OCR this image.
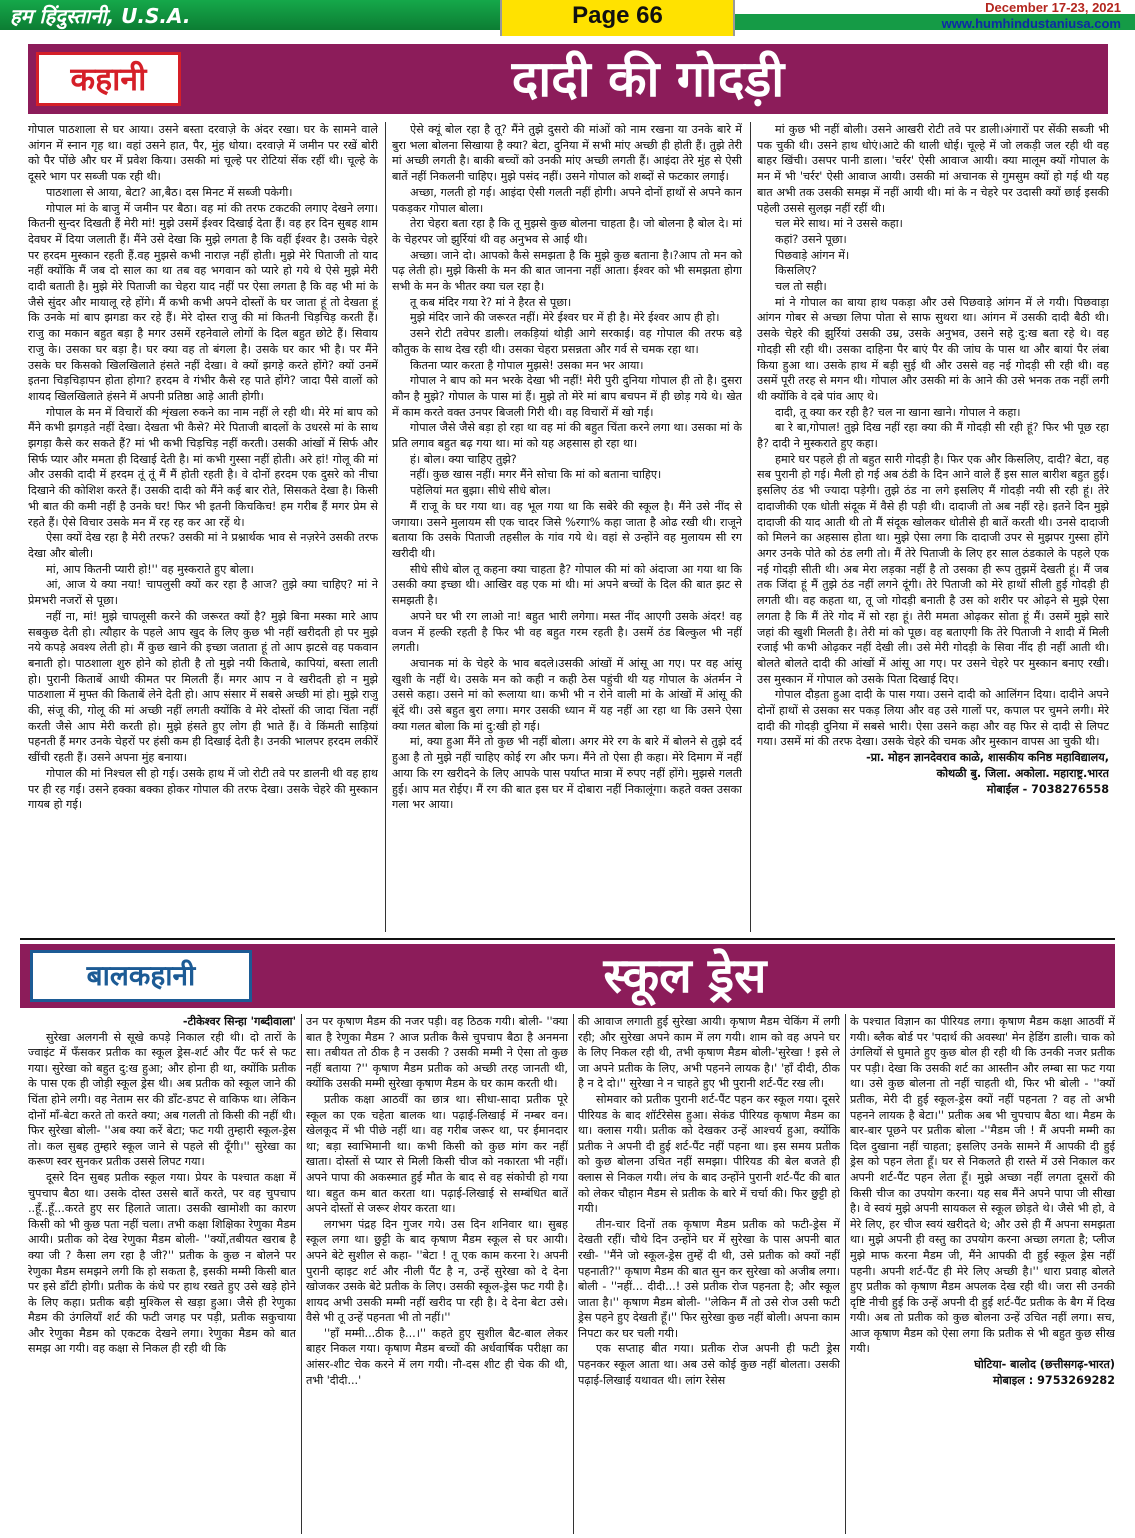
हम हिंदुस्तानी, U.S.A.	Page 66	December 17-23, 2021
www.humhindustaniusa.com
कहानी	दादी की गोदड़ी

गोपाल पाठशाला से घर आया। उसने बस्ता दरवाज़े के अंदर रखा। घर के सामने वाले आंगन में स्नान गृह था। वहां उसने हात, पैर, मुंह धोया। दरवाज़े में जमीन पर रखें बोरी को पैर पोंछे और घर में प्रवेश किया। उसकी मां चूल्हे पर रोटियां सेंक रहीं थी। चूल्हे के दूसरे भाग पर सब्जी पक रही थी।

पाठशाला से आया, बेटा? आ,बैठ। दस मिनट में सब्जी पकेगी।

गोपाल मां के बाजु में जमीन पर बैठा। वह मां की तरफ टकटकी लगाए देखने लगा। कितनी सुन्दर दिखती हैं मेरी मां! मुझे उसमें ईश्वर दिखाई देता हैं। वह हर दिन सुबह शाम देवघर में दिया जलाती हैं। मैंने उसे देखा कि मुझे लगता है कि वहीं ईश्वर है। उसके चेहरे पर हरदम मुस्कान रहती हैं.वह मुझसे कभी नाराज़ नहीं होती। मुझे मेरे पिताजी तो याद नहीं क्योंकि मैं जब दो साल का था तब वह भगवान को प्यारे हो गये थे ऐसे मुझे मेरी दादी बताती है। मुझे मेरे पिताजी का चेहरा याद नहीं पर ऐसा लगता है कि वह भी मां के जैसे सुंदर और मायालू रहे होंगे। मैं कभी कभी अपने दोस्तों के घर जाता हूं तो देखता हूं कि उनके मां बाप झगडा कर रहे हैं। मेरे दोस्त राजु की मां कितनी चिड़चिड़ करती हैं। राजु का मकान बहुत बड़ा है मगर उसमें रहनेवाले लोगों के दिल बहुत छोटे हैं। सिवाय राजु के। उसका घर बड़ा है। घर क्या वह तो बंगला है। उसके घर कार भी है। पर मैंने उसके घर किसको खिलखिलाते हंसते नहीं देखा। वे क्यों झगड़े करते होंगे? क्यों उनमें इतना चिड़चिड़ापन होता होगा? हरदम वे गंभीर कैसे रह पाते होंगे? जादा पैसे वालों को शायद खिलखिलाते हंसने में अपनी प्रतिष्ठा आड़े आती होगी।

गोपाल के मन में विचारों की शृंखला रुकने का नाम नहीं ले रही थी। मेरे मां बाप को मैंने कभी झगड़ते नहीं देखा। देखता भी कैसे? मेरे पिताजी बादलों के उधरसे मां के साथ झगड़ा कैसे कर सकते हैं? मां भी कभी चिड़चिड़ नहीं करती। उसकी आंखों में सिर्फ और सिर्फ प्यार और ममता ही दिखाई देती है। मां कभी गुस्सा नहीं होती। अरे हां! गोलू की मां और उसकी दादी में हरदम तूं तूं मैं मैं होती रहती है। वे दोनों हरदम एक दुसरे को नीचा दिखाने की कोशिश करते हैं। उसकी दादी को मैंने कई बार रोते, सिसकते देखा है। किसी भी बात की कमी नहीं है उनके घर! फिर भी इतनी किचकिच! हम गरीब हैं मगर प्रेम से रहते हैं। ऐसे विचार उसके मन में रह रह कर आ रहें थे।

ऐसा क्यों देख रहा है मेरी तरफ? उसकी मां ने प्रश्नार्थक भाव से नज़रेने उसकी तरफ देखा और बोली।

मां, आप कितनी प्यारी हो!'' वह मुस्कराते हुए बोला।

आं, आज ये क्या नया! चापलुसी क्यों कर रहा है आज? तुझे क्या चाहिए? मां ने प्रेमभरी नजरों से पूछा।

नहीं ना, मां! मुझे चापलूसी करने की जरूरत क्यों है? मुझे बिना मस्का मारे आप सबकुछ देती हो। त्यौहार के पहले आप खुद के लिए कुछ भी नहीं खरीदती हो पर मुझे नये कपड़े अवश्य लेती हो। मैं कुछ खाने की इच्छा जताता हूं तो आप झटसे वह पकवान बनाती हो। पाठशाला शुरु होने को होती है तो मुझे नयी किताबे, कापियां, बस्ता लाती हो। पुरानी किताबें आधी कीमत पर मिलती हैं। मगर आप न वे खरीदती हो न मुझे पाठशाला में मुफ्त की किताबें लेने देती हो। आप संसार में सबसे अच्छी मां हो। मुझे राजु की, संजू की, गोलू की मां अच्छी नहीं लगती क्योंकि वे मेरे दोस्तों की जादा चिंता नहीं करती जैसे आप मेरी करती हो। मुझे हंसते हुए लोग ही भाते हैं। वे किंमती साड़ियां पहनती हैं मगर उनके चेहरों पर हंसी कम ही दिखाई देती है। उनकी भालपर हरदम लकीरें खींची रहती हैं। उसने अपना मुंह बनाया।

गोपाल की मां निश्चल सी हो गई। उसके हाथ में जो रोटी तवे पर डालनी थी वह हाथ पर ही रह गई। उसने हक्का बक्का होकर गोपाल की तरफ देखा। उसके चेहरे की मुस्कान गायब हो गई।

ऐसे क्यूं बोल रहा है तू? मैंने तुझे दुसरो की मांओं को नाम रखना या उनके बारे में बुरा भला बोलना सिखाया है क्या? बेटा, दुनिया में सभी मांए अच्छी ही होती हैं। तुझे तेरी मां अच्छी लगती है। बाकी बच्चों को उनकी मांए अच्छी लगती हैं। आइंदा तेरे मुंह से ऐसी बातें नहीं निकलनी चाहिए। मुझे पसंद नहीं। उसने गोपाल को शब्दों से फटकार लगाई।

अच्छा, गलती हो गई। आइंदा ऐसी गलती नहीं होगी। अपने दोनों हाथों से अपने कान पकड़कर गोपाल बोला।

तेरा चेहरा बता रहा है कि तू मुझसे कुछ बोलना चाहता है। जो बोलना है बोल दे। मां के चेहरपर जो झुर्रियां थी वह अनुभव से आई थी।

अच्छा। जाने दो। आपको कैसे समझता है कि मुझे कुछ बताना है।?आप तो मन को पढ़ लेती हो। मुझे किसी के मन की बात जानना नहीं आता। ईश्वर को भी समझता होगा सभी के मन के भीतर क्या चल रहा है।

तू कब मंदिर गया रे? मां ने हैरत से पूछा।

मुझे मंदिर जाने की जरूरत नहीं। मेरे ईश्वर घर में ही है। मेरे ईश्वर आप ही हो।

उसने रोटी तवेपर डाली। लकड़ियां थोड़ी आगे सरकाई। वह गोपाल की तरफ बड़े कौतुक के साथ देख रही थी। उसका चेहरा प्रसन्नता और गर्व से चमक रहा था।

कितना प्यार करता है गोपाल मुझसे! उसका मन भर आया।

गोपाल ने बाप को मन भरके देखा भी नहीं! मेरी पुरी दुनिया गोपाल ही तो है। दुसरा कौन है मुझे? गोपाल के पास मां हैं। मुझे तो मेरे मां बाप बचपन में ही छोड़ गये थे। खेत में काम करते वक्त उनपर बिजली गिरी थी। वह विचारों में खो गई।

गोपाल जैसे जैसे बड़ा हो रहा था वह मां की बहुत चिंता करने लगा था। उसका मां के प्रति लगाव बहुत बढ़ गया था। मां को यह अहसास हो रहा था।

हं। बोल। क्या चाहिए तुझे?

नहीं। कुछ खास नहीं। मगर मैंने सोचा कि मां को बताना चाहिए।

पहेलियां मत बुझा। सीधे सीधे बोल।

मैं राजू के घर गया था। वह भूल गया था कि सबेरे की स्कूल है। मैंने उसे नींद से जगाया। उसने मुलायम सी एक चादर जिसे %रगा% कहा जाता है ओढ रखी थी। राजूने बताया कि उसके पिताजी तहसील के गांव गये थे। वहां से उन्होंने वह मुलायम सी रग खरीदी थी।

सीधे सीधे बोल तू कहना क्या चाहता है? गोपाल की मां को अंदाजा आ गया था कि उसकी क्या इच्छा थी। आखिर वह एक मां थी। मां अपने बच्चों के दिल की बात झट से समझती है।

अपने घर भी रग लाओ ना! बहुत भारी लगेगा। मस्त नींद आएगी उसके अंदर! वह वजन में हल्की रहती है फिर भी वह बहुत गरम रहती है। उसमें ठंड बिल्कुल भी नहीं लगती।

अचानक मां के चेहरे के भाव बदले।उसकी आंखों में आंसू आ गए। पर वह आंसू खुशी के नहीं थे। उसके मन को कही न कही ठेस पहुंची थी यह गोपाल के अंतर्मन ने उससे कहा। उसने मां को रूलाया था। कभी भी न रोने वाली मां के आंखों में आंसू की बूंदें थी। उसे बहुत बुरा लगा। मगर उसकी ध्यान में यह नहीं आ रहा था कि उसने ऐसा क्या गलत बोला कि मां दु:खी हो गई।

मां, क्या हुआ मैंने तो कुछ भी नहीं बोला। अगर मेरे रग के बारे में बोलने से तुझे दर्द हुआ है तो मुझे नहीं चाहिए कोई रग और फग। मैंने तो ऐसा ही कहा। मेरे दिमाग में नहीं आया कि रग खरीदने के लिए आपके पास पर्याप्त मात्रा में रुपए नहीं होंगे। मुझसे गलती हुई। आप मत रोईए। मैं रग की बात इस घर में दोबारा नहीं निकालूंगा। कहते वक्त उसका गला भर आया।

मां कुछ भी नहीं बोली। उसने आखरी रोटी तवे पर डाली।अंगारों पर सेंकी सब्जी भी पक चुकी थी। उसने हाथ धोएं।आटे की थाली धोई। चूल्हे में जो लकड़ी जल रही थी वह बाहर खिंची। उसपर पानी डाला। 'चर्रर' ऐसी आवाज आयी। क्या मालूम क्यों गोपाल के मन में भी 'चर्रर' ऐसी आवाज आयी। उसकी मां अचानक से गुमसुम क्यों हो गई थी यह बात अभी तक उसकी समझ में नहीं आयी थी। मां के न चेहरे पर उदासी क्यों छाई इसकी पहेली उससे सुलझ नहीं रहीं थी।

चल मेरे साथ। मां ने उससे कहा।

कहां? उसने पूछा।

पिछवाड़े आंगन में।

किसलिए?

चल तो सही।

मां ने गोपाल का बाया हाथ पकड़ा और उसे पिछवाड़े आंगन में ले गयी। पिछवाड़ा आंगन गोबर से अच्छा लिपा पोता से साफ सुथरा था। आंगन में उसकी दादी बैठी थी। उसके चेहरे की झुर्रियां उसकी उम्र, उसके अनुभव, उसने सहे दु:ख बता रहे थे। वह गोदड़ी सी रही थी। उसका दाहिना पैर बाएं पैर की जांघ के पास था और बायां पैर लंबा किया हुआ था। उसके हाथ में बड़ी सुई थी और उससे वह नई गोदड़ी सी रही थी। वह उसमें पूरी तरह से मगन थी। गोपाल और उसकी मां के आने की उसे भनक तक नहीं लगी थी क्योंकि वे दबे पांव आए थे।

दादी, तू क्या कर रही है? चल ना खाना खाने। गोपाल ने कहा।

बा रे बा,गोपाल! तुझे दिख नहीं रहा क्या की मैं गोदड़ी सी रही हूं? फिर भी पूछ रहा है? दादी ने मुस्कराते हुए कहा।

हमारे घर पहले ही तो बहुत सारी गोदड़ी है। फिर एक और किसलिए, दादी? बेटा, वह सब पुरानी हो गई। मैली हो गई अब ठंडी के दिन आने वाले हैं इस साल बारीश बहुत हुई। इसलिए ठंड भी ज्यादा पड़ेगी। तुझे ठंड ना लगे इसलिए मैं गोदड़ी नयी सी रही हूं। तेरे दादाजीकी एक धोती संदूक में वैसे ही पड़ी थी। दादाजी तो अब नहीं रहे। इतने दिन मुझे दादाजी की याद आती थी तो मैं संदूक खोलकर धोतीसे ही बातें करती थी। उनसे दादाजी को मिलने का अहसास होता था। मुझे ऐसा लगा कि दादाजी उपर से मुझपर गुस्सा होंगे अगर उनके पोते को ठंड लगी तो। मैं तेरे पिताजी के लिए हर साल ठंडकाले के पहले एक नई गोदड़ी सीती थी। अब मेरा लड़का नहीं है तो उसका ही रूप तुझमें देखती हूं। मैं जब तक जिंदा हूं मैं तुझे ठंड नहीं लगने दूंगी। तेरे पिताजी को मेरे हाथों सीली हुई गोदड़ी ही लगती थी। वह कहता था, तू जो गोदड़ी बनाती है उस को शरीर पर ओढ़ने से मुझे ऐसा लगता है कि मैं तेरे गोद में सो रहा हूं। तेरी ममता ओढ़कर सोता हूं मैं। उसमें मुझे सारे जहां की खुशी मिलती है। तेरी मां को पूछ। वह बताएगी कि तेरे पिताजी ने शादी में मिली रजाई भी कभी ओढ़कर नहीं देखी ली। उसे मेरी गोदड़ी के सिवा नींद ही नहीं आती थी। बोलते बोलते दादी की आंखों में आंसू आ गए। पर उसने चेहरे पर मुस्कान बनाए रखी। उस मुस्कान में गोपाल को उसके पिता दिखाई दिए।

गोपाल दौड़ता हुआ दादी के पास गया। उसने दादी को आलिंगन दिया। दादीने अपने दोनों हाथों से उसका सर पकड़ लिया और वह उसे गालों पर, कपाल पर चुमने लगी। मेरे दादी की गोदड़ी दुनिया में सबसे भारी। ऐसा उसने कहा और वह फिर से दादी से लिपट गया। उसमें मां की तरफ देखा। उसके चेहरे की चमक और मुस्कान वापस आ चुकी थी।

-प्रा. मोहन ज्ञानदेवराव काळे, शासकीय कनिष्ठ महाविद्यालय,

कोथळी बु. जिला. अकोला. महाराष्ट्र.भारत

मोबाईल - 7038276558

बालकहानी	स्कूल ड्रेस

-टीकेश्वर सिन्हा 'गब्दीवाला'

सुरेखा अलगनी से सूखे कपड़े निकाल रही थी। दो तारों के ज्वाइंट में फँसकर प्रतीक का स्कूल ड्रेस-शर्ट और पैंट फर्र से फट गया। सुरेखा को बहुत दु:ख हुआ; और होना ही था, क्योंकि प्रतीक के पास एक ही जोड़ी स्कूल ड्रेस थी। अब प्रतीक को स्कूल जाने की चिंता होने लगी। वह नेताम सर की डाँट-डपट से वाकिफ था। लेकिन दोनों माँ-बेटा करते तो करते क्या; अब गलती तो किसी की नहीं थी। फिर सुरेखा बोली- ''अब क्या करें बेटा; फट गयी तुम्हारी स्कूल-ड्रेस तो। कल सुबह तुम्हारे स्कूल जाने से पहले सी दूँगी।'' सुरेखा का करूण स्वर सुनकर प्रतीक उससे लिपट गया।

दूसरे दिन सुबह प्रतीक स्कूल गया। प्रेयर के पश्चात कक्षा में चुपचाप बैठा था। उसके दोस्त उससे बातें करते, पर वह चुपचाप ..हूँ..हूँ...करते हुए सर हिलाते जाता। उसकी खामोशी का कारण किसी को भी कुछ पता नहीं चला। तभी कक्षा शिक्षिका रेणुका मैडम आयी। प्रतीक को देख रेणुका मैडम बोली- ''क्यों,तबीयत खराब है क्या जी ? कैसा लग रहा है जी?'' प्रतीक के कुछ न बोलने पर रेणुका मैडम समझने लगी कि हो सकता है, इसकी मम्मी किसी बात पर इसे डाँटी होगी। प्रतीक के कंधे पर हाथ रखते हुए उसे खड़े होने के लिए कहा। प्रतीक बड़ी मुश्किल से खड़ा हुआ। जैसे ही रेणुका मैडम की उंगलियाँ शर्ट की फटी जगह पर पड़ी, प्रतीक सकुचाया और रेणुका मैडम को एकटक देखने लगा। रेणुका मैडम को बात समझ आ गयी। वह कक्षा से निकल ही रही थी कि

उन पर कृषाण मैडम की नजर पड़ी। वह ठिठक गयी। बोली- ''क्या बात है रेणुका मैडम ? आज प्रतीक कैसे चुपचाप बैठा है अनमना सा। तबीयत तो ठीक है न उसकी ? उसकी मम्मी ने ऐसा तो कुछ नहीं बताया ?'' कृषाण मैडम प्रतीक को अच्छी तरह जानती थी, क्योंकि उसकी मम्मी सुरेखा कृषाण मैडम के घर काम करती थी।

प्रतीक कक्षा आठवीं का छात्र था। सीधा-सादा प्रतीक पूरे स्कूल का एक चहेता बालक था। पढ़ाई-लिखाई में नम्बर वन। खेलकूद में भी पीछे नहीं था। वह गरीब जरूर था, पर ईमानदार था; बड़ा स्वाभिमानी था। कभी किसी को कुछ मांग कर नहीं खाता। दोस्तों से प्यार से मिली किसी चीज को नकारता भी नहीं। अपने पापा की अकस्मात हुई मौत के बाद से वह संकोची हो गया था। बहुत कम बात करता था। पढ़ाई-लिखाई से सम्बंधित बातें अपने दोस्तों से जरूर शेयर करता था।

लगभग पंद्रह दिन गुजर गये। उस दिन शनिवार था। सुबह स्कूल लगा था। छुट्टी के बाद कृषाण मैडम स्कूल से घर आयी। अपने बेटे सुशील से कहा- ''बेटा ! तू एक काम करना रे। अपनी पुरानी व्हाइट शर्ट और नीली पैंट है न, उन्हें सुरेखा को दे देना खोजकर उसके बेटे प्रतीक के लिए। उसकी स्कूल-ड्रेस फट गयी है। शायद अभी उसकी मम्मी नहीं खरीद पा रही है। दे देना बेटा उसे। वैसे भी तू उन्हें पहनता भी तो नहीं।''

''हाँ मम्मी...ठीक है...।'' कहते हुए सुशील बैट-बाल लेकर बाहर निकल गया। कृषाण मैडम बच्चों की अर्धवार्षिक परीक्षा का आंसर-शीट चेक करने में लग गयी। नौ-दस शीट ही चेक की थी, तभी 'दीदी...'

की आवाज लगाती हुई सुरेखा आयी। कृषाण मैडम चेकिंग में लगी रही; और सुरेखा अपने काम में लग गयी। शाम को वह अपने घर के लिए निकल रही थी, तभी कृषाण मैडम बोली-'सुरेखा ! इसे ले जा अपने प्रतीक के लिए, अभी पहनने लायक है।' 'हाँ दीदी, ठीक है न दे दो।'' सुरेखा ने न चाहते हुए भी पुरानी शर्ट-पैंट रख ली।

सोमवार को प्रतीक पुरानी शर्ट-पैंट पहन कर स्कूल गया। दूसरे पीरियड के बाद शॉर्टरेसेस हुआ। सेकंड पीरियड कृषाण मैडम का था। क्लास गयी। प्रतीक को देखकर उन्हें आश्चर्य हुआ, क्योंकि प्रतीक ने अपनी दी हुई शर्ट-पैंट नहीं पहना था। इस समय प्रतीक को कुछ बोलना उचित नहीं समझा। पीरियड की बेल बजते ही क्लास से निकल गयी। लंच के बाद उन्होंने पुरानी शर्ट-पैंट की बात को लेकर चौहान मैडम से प्रतीक के बारे में चर्चा की। फिर छुट्टी हो गयी।

तीन-चार दिनों तक कृषाण मैडम प्रतीक को फटी-ड्रेस में देखती रहीं। चौथे दिन उन्होंने घर में सुरेखा के पास अपनी बात रखी- ''मैंने जो स्कूल-ड्रेस तुम्हें दी थी, उसे प्रतीक को क्यों नहीं पहनाती?'' कृषाण मैडम की बात सुन कर सुरेखा को अजीब लगा। बोली - ''नहीं... दीदी...! उसे प्रतीक रोज पहनता है; और स्कूल जाता है।'' कृषाण मैडम बोली- ''लेकिन मैं तो उसे रोज उसी फटी ड्रेस पहने हुए देखती हूँ।'' फिर सुरेखा कुछ नहीं बोली। अपना काम निपटा कर घर चली गयी।

एक सप्ताह बीत गया। प्रतीक रोज अपनी ही फटी ड्रेस पहनकर स्कूल आता था। अब उसे कोई कुछ नहीं बोलता। उसकी पढ़ाई-लिखाई यथावत थी। लांग रेसेस

के पश्चात विज्ञान का पीरियड लगा। कृषाण मैडम कक्षा आठवीं में गयी। ब्लैक बोर्ड पर 'पदार्थ की अवस्था' मेन हेडिंग डाली। चाक को उंगलियों से घुमाते हुए कुछ बोल ही रही थी कि उनकी नजर प्रतीक पर पड़ी। देखा कि उसकी शर्ट का आस्तीन और लम्बा सा फट गया था। उसे कुछ बोलना तो नहीं चाहती थी, फिर भी बोली - ''क्यों प्रतीक, मेरी दी हुई स्कूल-ड्रेस क्यों नहीं पहनता ? वह तो अभी पहनने लायक है बेटा।'' प्रतीक अब भी चुपचाप बैठा था। मैडम के बार-बार पूछने पर प्रतीक बोला -''मैडम जी ! मैं अपनी मम्मी का दिल दुखाना नहीं चाहता; इसलिए उनके सामने मैं आपकी दी हुई ड्रेस को पहन लेता हूँ। घर से निकलते ही रास्ते में उसे निकाल कर अपनी शर्ट-पैंट पहन लेता हूँ। मुझे अच्छा नहीं लगता दूसरों की किसी चीज का उपयोग करना। यह सब मैंने अपने पापा जी सीखा है। वे स्वयं मुझे अपनी सायकल से स्कूल छोड़ते थे। जैसे भी हो, वे मेरे लिए, हर चीज स्वयं खरीदते थे; और उसे ही मैं अपना समझता था। मुझे अपनी ही वस्तु का उपयोग करना अच्छा लगता है; प्लीज मुझे माफ करना मैडम जी, मैंने आपकी दी हुई स्कूल ड्रेस नहीं पहनी। अपनी शर्ट-पैंट ही मेरे लिए अच्छी है।'' धारा प्रवाह बोलते हुए प्रतीक को कृषाण मैडम अपलक देख रही थी। जरा सी उनकी दृष्टि नीची हुई कि उन्हें अपनी दी हुई शर्ट-पैंट प्रतीक के बैग में दिख गयी। अब तो प्रतीक को कुछ बोलना उन्हें उचित नहीं लगा। सच, आज कृषाण मैडम को ऐसा लगा कि प्रतीक से भी बहुत कुछ सीख गयी।

घोटिया- बालोद (छत्तीसगढ़-भारत)

मोबाइल : 9753269282
